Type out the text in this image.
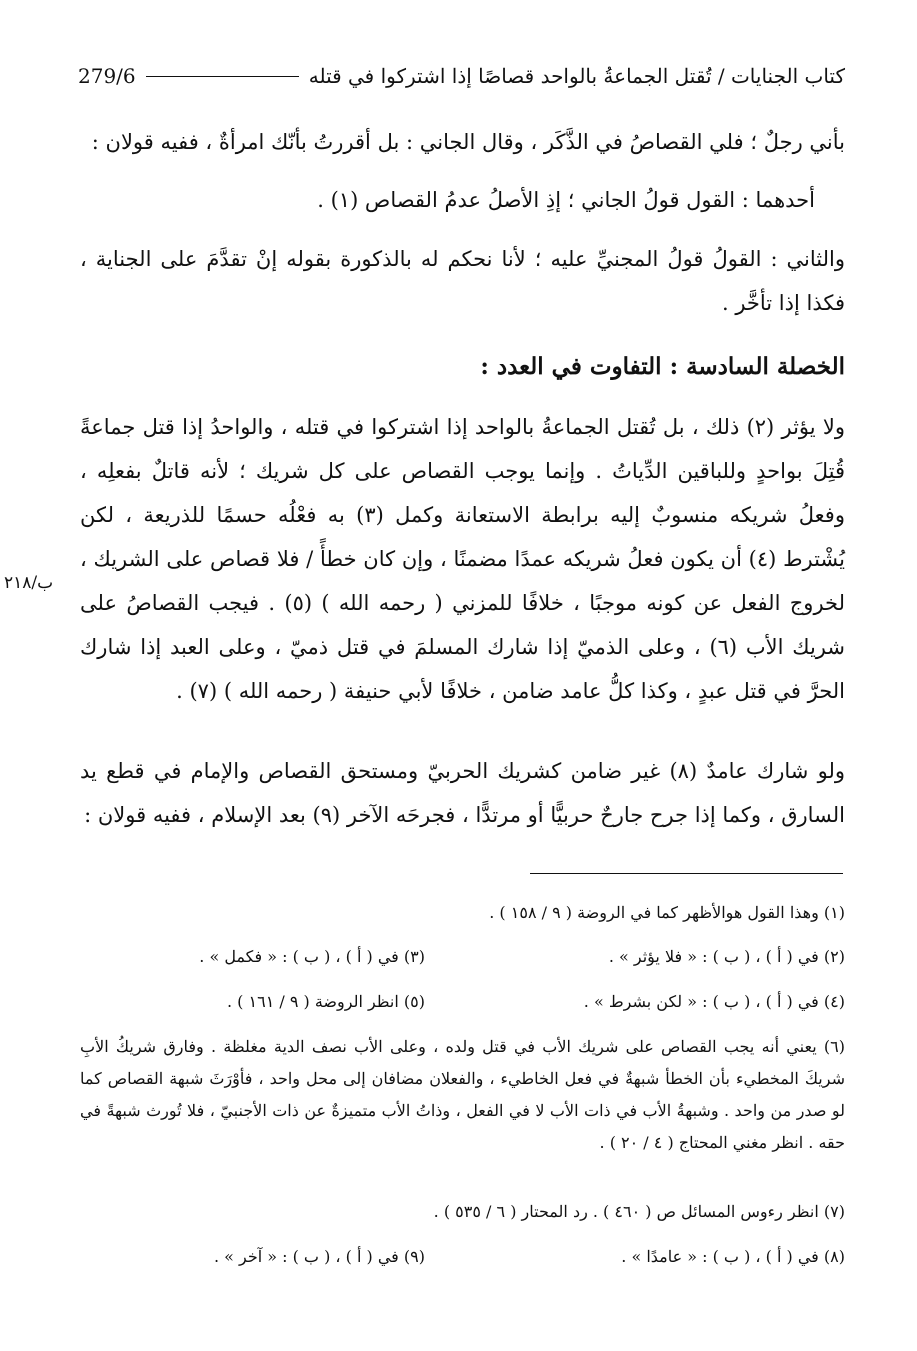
كتاب الجنايات / تُقتل الجماعةُ بالواحد قصاصًا إذا اشتركوا في قتله
279/6
بأني رجلٌ ؛ فلي القصاصُ في الذَّكَر ، وقال الجاني : بل أقررتُ بأنّك امرأةٌ ، ففيه قولان :
أحدهما : القول قولُ الجاني ؛ إذِ الأصلُ عدمُ القصاص (١) .
والثاني : القولُ قولُ المجنيِّ عليه ؛ لأنا نحكم له بالذكورة بقوله إنْ تقدَّمَ على الجناية ، فكذا إذا تأخَّر .
الخصلة السادسة : التفاوت في العدد :
ولا يؤثر (٢) ذلك ، بل تُقتل الجماعةُ بالواحد إذا اشتركوا في قتله ، والواحدُ إذا قتل جماعةً قُتِلَ بواحدٍ وللباقين الدِّياتُ . وإنما يوجب القصاص على كل شريك ؛ لأنه قاتلٌ بفعلِه ، وفعلُ شريكه منسوبٌ إليه برابطة الاستعانة وكمل (٣) به فعْلُه حسمًا للذريعة ، لكن يُشْترط (٤) أن يكون فعلُ شريكه عمدًا مضمنًا ، وإن كان خطأً / فلا قصاص على الشريك ، لخروج الفعل عن كونه موجبًا ، خلافًا للمزني ( رحمه الله ) (٥) . فيجب القصاصُ على شريك الأب (٦) ، وعلى الذميّ إذا شارك المسلمَ في قتل ذميّ ، وعلى العبد إذا شارك الحرَّ في قتل عبدٍ ، وكذا كلُّ عامد ضامن ، خلافًا لأبي حنيفة ( رحمه الله ) (٧) .
۲۱۸/ب
ولو شارك عامدٌ (٨) غير ضامن كشريك الحربيّ ومستحق القصاص والإمام في قطع يد السارق ، وكما إذا جرح جارحٌ حربيًّا أو مرتدًّا ، فجرحَه الآخر (٩) بعد الإسلام ، ففيه قولان :
(١) وهذا القول هوالأظهر كما في الروضة ( ٩ / ١٥٨ ) .
(٢) في ( أ ) ، ( ب ) : « فلا يؤثر » .
(٣) في ( أ ) ، ( ب ) : « فكمل » .
(٤) في ( أ ) ، ( ب ) : « لكن بشرط » .
(٥) انظر الروضة ( ٩ / ١٦١ ) .
(٦) يعني أنه يجب القصاص على شريك الأب في قتل ولده ، وعلى الأب نصف الدية مغلظة . وفارق شريكُ الأبِ شريكَ المخطيء بأن الخطأ شبهةٌ في فعل الخاطيء ، والفعلان مضافان إلى محل واحد ، فأوْرَثَ شبهة القصاص كما لو صدر من واحد . وشبهةُ الأب في ذات الأب لا في الفعل ، وذاتُ الأب متميزةٌ عن ذات الأجنبيّ ، فلا تُورث شبهةً في حقه . انظر مغني المحتاج ( ٤ / ٢٠ ) .
(٧) انظر رءوس المسائل ص ( ٤٦٠ ) . رد المحتار ( ٦ / ٥٣٥ ) .
(٨) في ( أ ) ، ( ب ) : « عامدًا » .
(٩) في ( أ ) ، ( ب ) : « آخر » .
